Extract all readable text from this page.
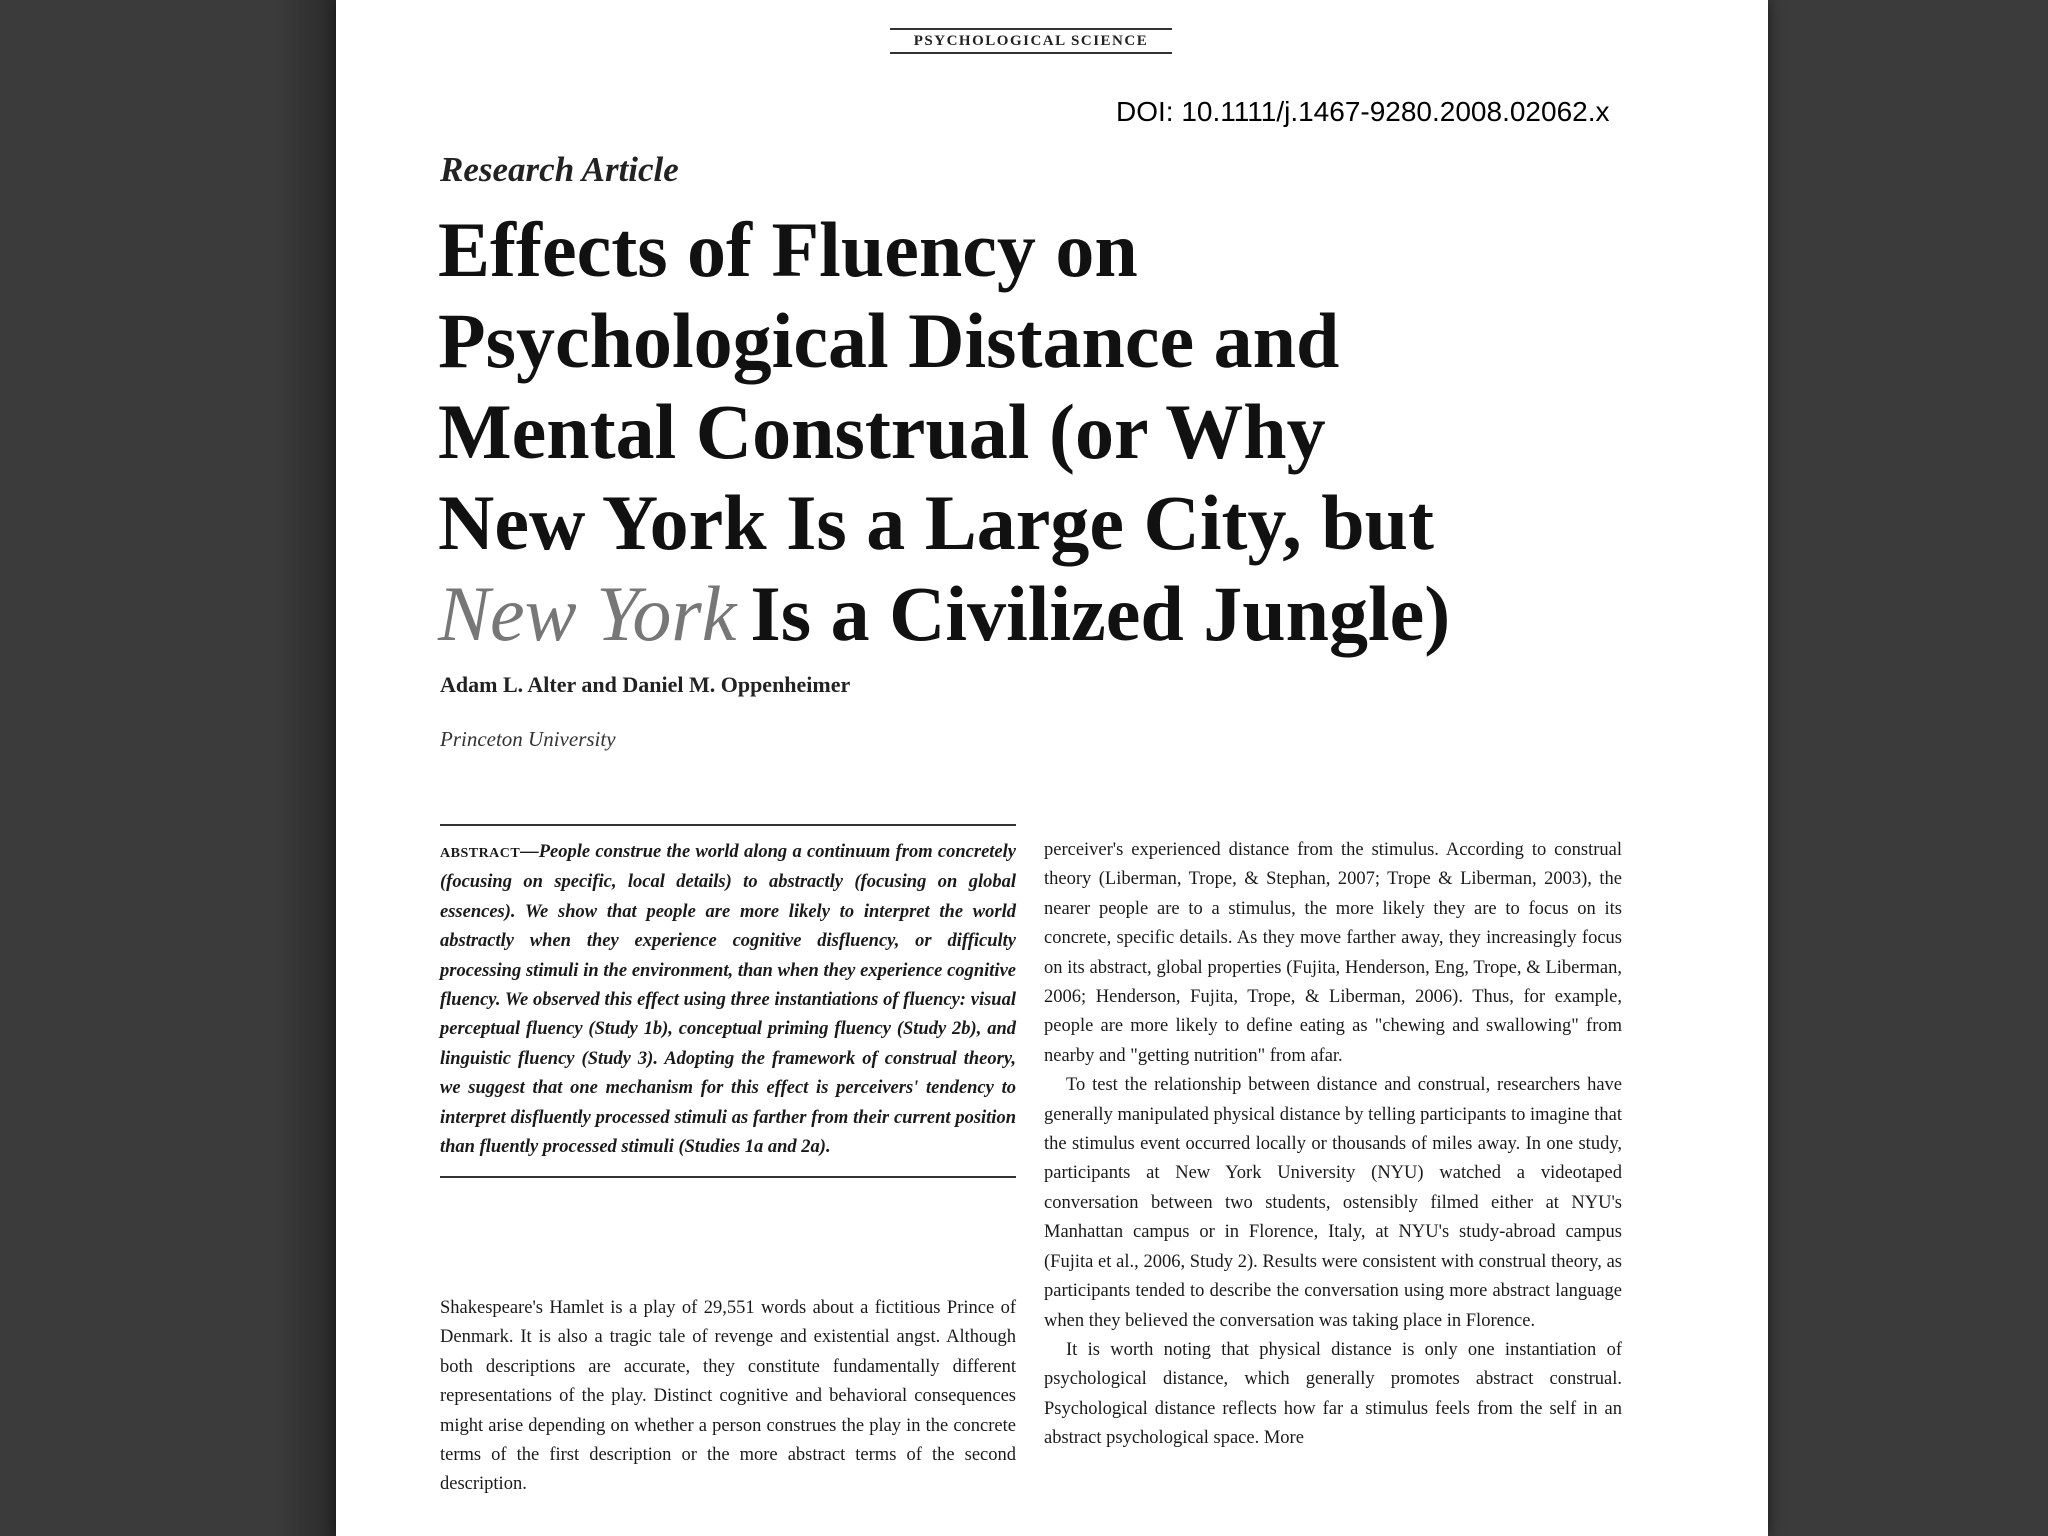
PSYCHOLOGICAL SCIENCE
DOI: 10.1111/j.1467-9280.2008.02062.x
Research Article
Effects of Fluency on
Psychological Distance and
Mental Construal (or Why
New York Is a Large City, but
New York Is a Civilized Jungle)
Adam L. Alter and Daniel M. Oppenheimer
Princeton University
ABSTRACT—People construe the world along a continuum from concretely (focusing on specific, local details) to abstractly (focusing on global essences). We show that people are more likely to interpret the world abstractly when they experience cognitive disfluency, or difficulty processing stimuli in the environment, than when they experience cognitive fluency. We observed this effect using three instantiations of fluency: visual perceptual fluency (Study 1b), conceptual priming fluency (Study 2b), and linguistic fluency (Study 3). Adopting the framework of construal theory, we suggest that one mechanism for this effect is perceivers' tendency to interpret disfluently processed stimuli as farther from their current position than fluently processed stimuli (Studies 1a and 2a).

Shakespeare's Hamlet is a play of 29,551 words about a fictitious Prince of Denmark. It is also a tragic tale of revenge and existential angst. Although both descriptions are accurate, they constitute fundamentally different representations of the play. Distinct cognitive and behavioral consequences might arise depending on whether a person construes the play in the concrete terms of the first description or the more abstract terms of the second description.

perceiver's experienced distance from the stimulus. According to construal theory (Liberman, Trope, & Stephan, 2007; Trope & Liberman, 2003), the nearer people are to a stimulus, the more likely they are to focus on its concrete, specific details. As they move farther away, they increasingly focus on its abstract, global properties (Fujita, Henderson, Eng, Trope, & Liberman, 2006; Henderson, Fujita, Trope, & Liberman, 2006). Thus, for example, people are more likely to define eating as "chewing and swallowing" from nearby and "getting nutrition" from afar.

To test the relationship between distance and construal, researchers have generally manipulated physical distance by telling participants to imagine that the stimulus event occurred locally or thousands of miles away. In one study, participants at New York University (NYU) watched a videotaped conversation between two students, ostensibly filmed either at NYU's Manhattan campus or in Florence, Italy, at NYU's study-abroad campus (Fujita et al., 2006, Study 2). Results were consistent with construal theory, as participants tended to describe the conversation using more abstract language when they believed the conversation was taking place in Florence.

It is worth noting that physical distance is only one instantiation of psychological distance, which generally promotes abstract construal. Psychological distance reflects how far a stimulus feels from the self in an abstract psychological space. More
